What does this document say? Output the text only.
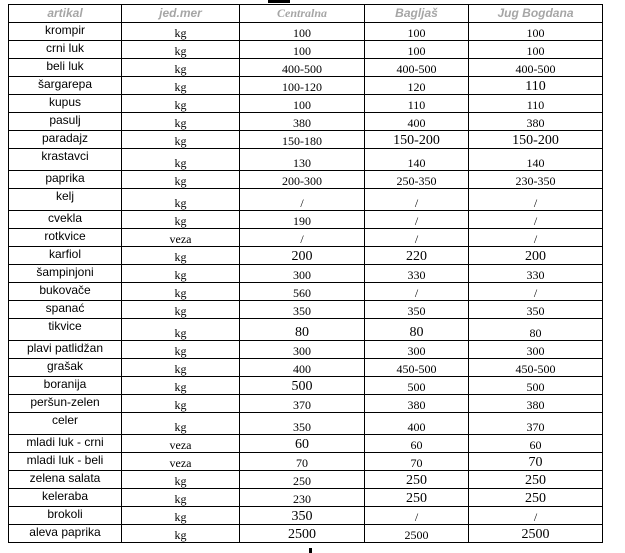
artikal	jed.mer	Centralna	Bagljaš	Jug Bogdana
krompir	kg	100	100	100
crni luk	kg	100	100	100
beli luk	kg	400-500	400-500	400-500
šargarepa	kg	100-120	120	110
kupus	kg	100	110	110
pasulj	kg	380	400	380
paradajz	kg	150-180	150-200	150-200
krastavci	kg	130	140	140
paprika	kg	200-300	250-350	230-350
kelj	kg	/	/	/
cvekla	kg	190	/	/
rotkvice	veza	/	/	/
karfiol	kg	200	220	200
šampinjoni	kg	300	330	330
bukovače	kg	560	/	/
spanać	kg	350	350	350
tikvice	kg	80	80	80
plavi patlidžan	kg	300	300	300
grašak	kg	400	450-500	450-500
boranija	kg	500	500	500
peršun-zelen	kg	370	380	380
celer	kg	350	400	370
mladi luk - crni	veza	60	60	60
mladi luk - beli	veza	70	70	70
zelena salata	kg	250	250	250
keleraba	kg	230	250	250
brokoli	kg	350	/	/
aleva paprika	kg	2500	2500	2500
